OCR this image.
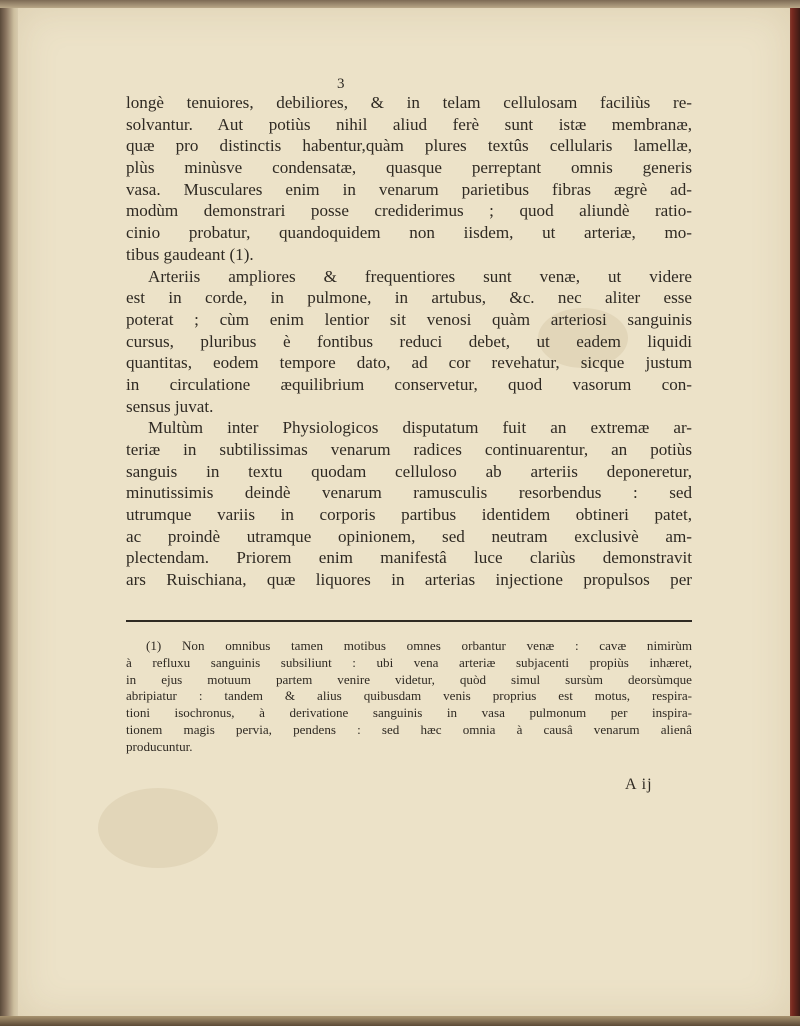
3
longè tenuiores, debiliores, & in telam cellulosam faciliùs re-
solvantur. Aut potiùs nihil aliud ferè sunt istæ membranæ,
quæ pro distinctis habentur,quàm plures textûs cellularis lamellæ,
plùs minùsve condensatæ, quasque perreptant omnis generis
vasa. Musculares enim in venarum parietibus fibras ægrè ad-
modùm demonstrari posse crediderimus ; quod aliundè ratio-
cinio probatur, quandoquidem non iisdem, ut arteriæ, mo-
tibus gaudeant (1).
Arteriis ampliores & frequentiores sunt venæ, ut videre
est in corde, in pulmone, in artubus, &c. nec aliter esse
poterat ; cùm enim lentior sit venosi quàm arteriosi sanguinis
cursus, pluribus è fontibus reduci debet, ut eadem liquidi
quantitas, eodem tempore dato, ad cor revehatur, sicque justum
in circulatione æquilibrium conservetur, quod vasorum con-
sensus juvat.
Multùm inter Physiologicos disputatum fuit an extremæ ar-
teriæ in subtilissimas venarum radices continuarentur, an potiùs
sanguis in textu quodam cellulosо ab arteriis deponeretur,
minutissimis deindè venarum ramusculis resorbendus : sed
utrumque variis in corporis partibus identidem obtineri patet,
ac proindè utramque opinionem, sed neutram exclusivè am-
plectendam. Priorem enim manifestâ luce clariùs demonstravit
ars Ruischiana, quæ liquores in arterias injectione propulsos per
(1) Non omnibus tamen motibus omnes orbantur venæ : cavæ nimirùm
à refluxu sanguinis subsiliunt : ubi vena arteriæ subjacenti propiùs inhæret,
in ejus motuum partem venire videtur, quòd simul sursùm deorsùmque
abripiatur : tandem & alius quibusdam venis proprius est motus, respira-
tioni isochronus, à derivatione sanguinis in vasa pulmonum per inspira-
tionem magis pervia, pendens : sed hæc omnia à causâ venarum alienâ
producuntur.
A ij
